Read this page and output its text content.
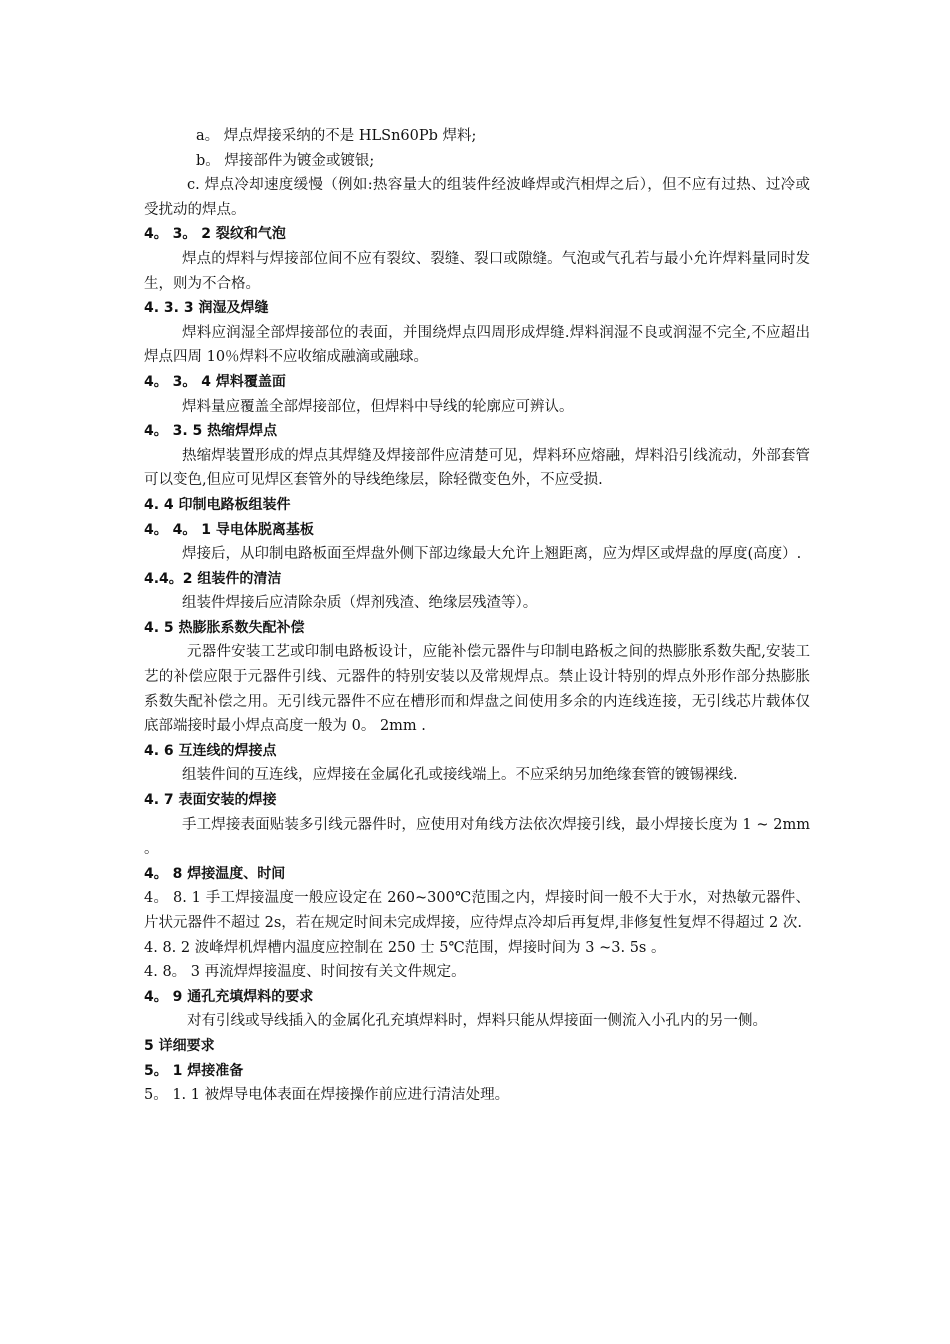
a。 焊点焊接采纳的不是 HLSn60Pb 焊料;

b。 焊接部件为镀金或镀银;

c. 焊点冷却速度缓慢（例如:热容量大的组装件经波峰焊或汽相焊之后），但不应有过热、过冷或受扰动的焊点。

4。 3。 2 裂纹和气泡

焊点的焊料与焊接部位间不应有裂纹、裂缝、裂口或隙缝。气泡或气孔若与最小允许焊料量同时发生，则为不合格。

4. 3. 3 润湿及焊缝

焊料应润湿全部焊接部位的表面，并围绕焊点四周形成焊缝.焊料润湿不良或润湿不完全,不应超出焊点四周 10％焊料不应收缩成融滴或融球。

4。 3。 4 焊料覆盖面

焊料量应覆盖全部焊接部位，但焊料中导线的轮廓应可辨认。

4。 3. 5 热缩焊焊点

热缩焊装置形成的焊点其焊缝及焊接部件应清楚可见，焊料环应熔融，焊料沿引线流动，外部套管可以变色,但应可见焊区套管外的导线绝缘层，除轻微变色外，不应受损.

4. 4 印制电路板组装件

4。 4。 1 导电体脱离基板

焊接后，从印制电路板面至焊盘外侧下部边缘最大允许上翘距离，应为焊区或焊盘的厚度(高度）.

4.4。2 组装件的清洁

组装件焊接后应清除杂质（焊剂残渣、绝缘层残渣等）。

4. 5 热膨胀系数失配补偿

元器件安装工艺或印制电路板设计，应能补偿元器件与印制电路板之间的热膨胀系数失配,安装工艺的补偿应限于元器件引线、元器件的特别安装以及常规焊点。禁止设计特别的焊点外形作部分热膨胀系数失配补偿之用。无引线元器件不应在槽形而和焊盘之间使用多余的内连线连接，无引线芯片载体仅底部端接时最小焊点高度一般为 0。 2mm .

4. 6 互连线的焊接点

组装件间的互连线，应焊接在金属化孔或接线端上。不应采纳另加绝缘套管的镀锡裸线.

4. 7 表面安装的焊接

手工焊接表面贴装多引线元器件时，应使用对角线方法依次焊接引线，最小焊接长度为 1 ~ 2mm 。

4。 8 焊接温度、时间

4。 8. 1 手工焊接温度一般应设定在 260~300℃范围之内，焊接时间一般不大于水，对热敏元器件、片状元器件不超过 2s，若在规定时间未完成焊接，应待焊点冷却后再复焊,非修复性复焊不得超过 2 次.

4. 8. 2 波峰焊机焊槽内温度应控制在 250 士 5℃范围，焊接时间为 3 ~3. 5s 。

4. 8。 3 再流焊焊接温度、时间按有关文件规定。

4。 9 通孔充填焊料的要求

对有引线或导线插入的金属化孔充填焊料时，焊料只能从焊接面一侧流入小孔内的另一侧。

5 详细要求

5。 1 焊接准备

5。 1. 1 被焊导电体表面在焊接操作前应进行清洁处理。
